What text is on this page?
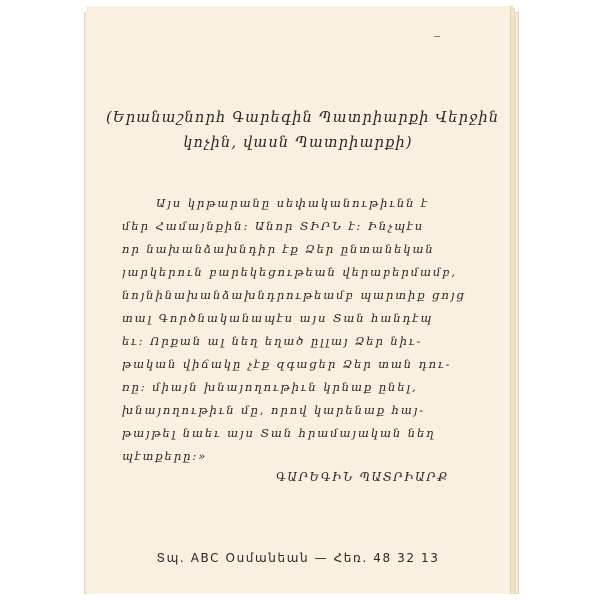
(Երանաշնորհ Գարեգին Պատրիարքի Վերջին
կոչին, վասն Պատրիարքի)
Այս կրթարանը սեփականութիւնն է
մեր Համայնքին։ Անոր ՏԻՐՆ է։ Ինչպէս
որ նախանձախնդիր էք Ձեր ընտանեկան
յարկերուն բարեկեցութեան վերաբերմամբ,
նոյնինախանձախնդրութեամբ պարտիք ցոյց
տալ Գործնականապէս այս Տան հանդէպ
եւ։ Որքան ալ նեղ եղած ըլլայ Ձեր նիւ-
թական վիճակը չէք զգացեր Ձեր տան դու-
ռը։ միայն խնայողութիւն կրնաք ընել,
խնայողութիւն մը, որով կարենաք հայ-
թայթել նաեւ այս Տան հրամայական նեղ
պէտքերը։»
ԳԱՐԵԳԻՆ ՊԱՏՐԻԱՐՔ
Տպ. ABC Օսմանեան — Հեռ. 48 32 13
